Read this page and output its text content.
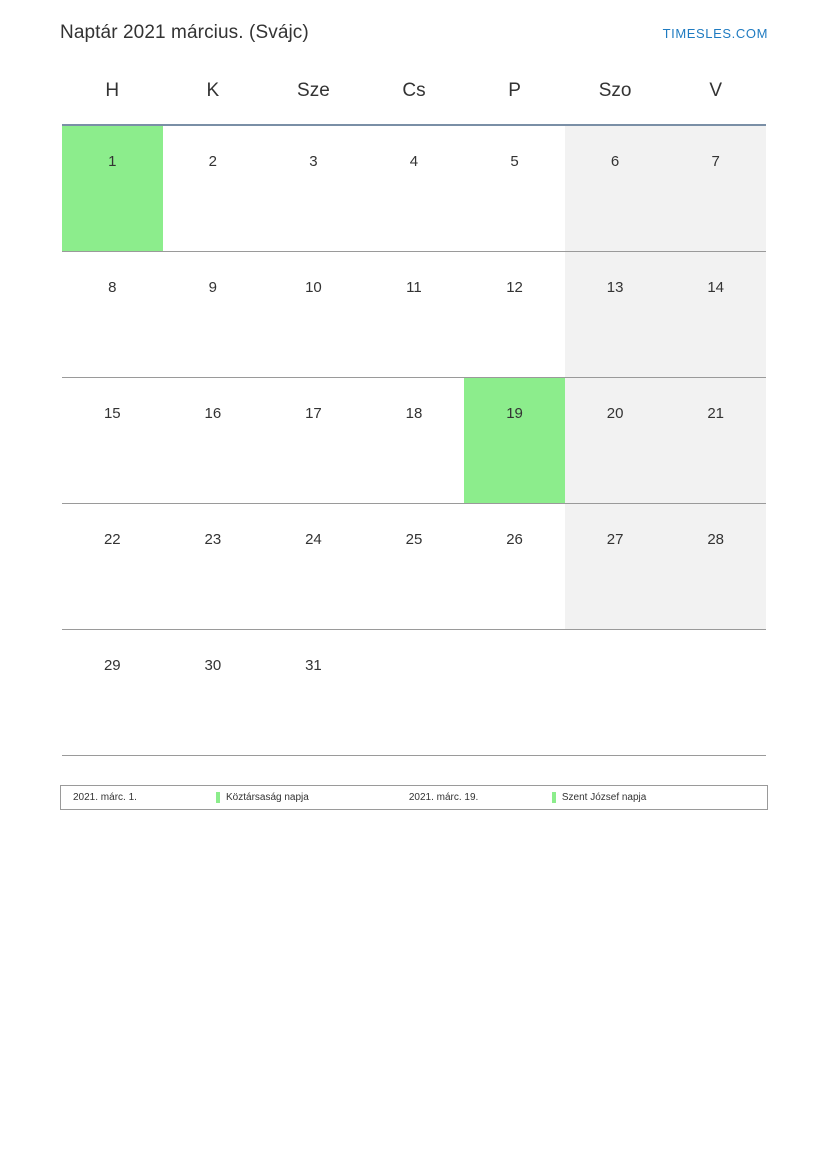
Naptár 2021 március. (Svájc)	TIMESLES.COM
H	K	Sze	Cs	P	Szo	V

1	2	3	4	5	6	7

8	9	10	11	12	13	14

15	16	17	18	19	20	21

22	23	24	25	26	27	28

29	30	31				

2021. márc. 1.	Köztársaság napja	2021. márc. 19.	Szent József napja
